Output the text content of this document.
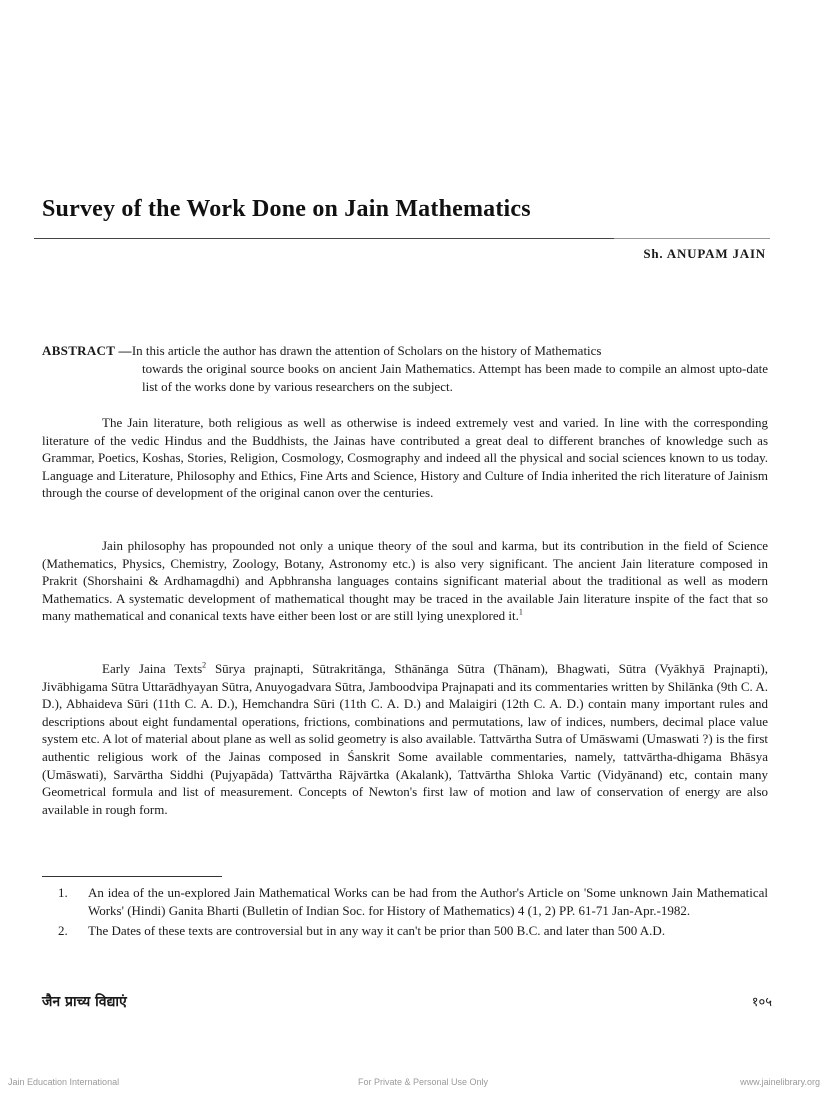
Survey of the Work Done on Jain Mathematics
Sh. ANUPAM JAIN
ABSTRACT — In this article the author has drawn the attention of Scholars on the history of Mathematics
towards the original source books on ancient Jain Mathematics. Attempt has been made to compile an almost upto-date list of the works done by various researchers on the subject.

The Jain literature, both religious as well as otherwise is indeed extremely vest and varied. In line with the corresponding literature of the vedic Hindus and the Buddhists, the Jainas have contributed a great deal to different branches of knowledge such as Grammar, Poetics, Koshas, Stories, Religion, Cosmology, Cosmography and indeed all the physical and social sciences known to us today. Language and Literature, Philosophy and Ethics, Fine Arts and Science, History and Culture of India inherited the rich literature of Jainism through the course of development of the original canon over the centuries.

Jain philosophy has propounded not only a unique theory of the soul and karma, but its contribution in the field of Science (Mathematics, Physics, Chemistry, Zoology, Botany, Astronomy etc.) is also very significant. The ancient Jain literature composed in Prakrit (Shorshaini & Ardhamagdhi) and Apbhransha languages contains significant material about the traditional as well as modern Mathematics. A systematic development of mathematical thought may be traced in the available Jain literature inspite of the fact that so many mathematical and conanical texts have either been lost or are still lying unexplored it.$^1$

Early Jaina Texts$^2$ Sūrya prajnapti, Sūtrakritānga, Sthānānga Sūtra (Thānam), Bhagwati, Sūtra (Vyākhyā Prajnapti), Jivābhigama Sūtra Uttarādhyayan Sūtra, Anuyogadvara Sūtra, Jamboodvipa Prajnapati and its commentaries written by Shilānka (9th C. A. D.), Abhaideva Sūri (11th C. A. D.), Hemchandra Sūri (11th C. A. D.) and Malaigiri (12th C. A. D.) contain many important rules and descriptions about eight fundamental operations, frictions, combinations and permutations, law of indices, numbers, decimal place value system etc. A lot of material about plane as well as solid geometry is also available. Tattvārtha Sutra of Umāswami (Umaswati ?) is the first authentic religious work of the Jainas composed in Śanskrit Some available commentaries, namely, tattvārtha-dhigama Bhāsya (Umāswati), Sarvārtha Siddhi (Pujyapāda) Tattvārtha Rājvārtka (Akalank), Tattvārtha Shloka Vartic (Vidyānand) etc, contain many Geometrical formula and list of measurement. Concepts of Newton's first law of motion and law of conservation of energy are also available in rough form.

1.	An idea of the un-explored Jain Mathematical Works can be had from the Author's Article on 'Some unknown Jain Mathematical Works' (Hindi) Ganita Bharti (Bulletin of Indian Soc. for History of Mathematics) 4 (1, 2) PP. 61-71 Jan-Apr.-1982.
2.	The Dates of these texts are controversial but in any way it can't be prior than 500 B.C. and later than 500 A.D.
जैन प्राच्य विद्याएं	१०५
Jain Education International	For Private & Personal Use Only	www.jainelibrary.org
